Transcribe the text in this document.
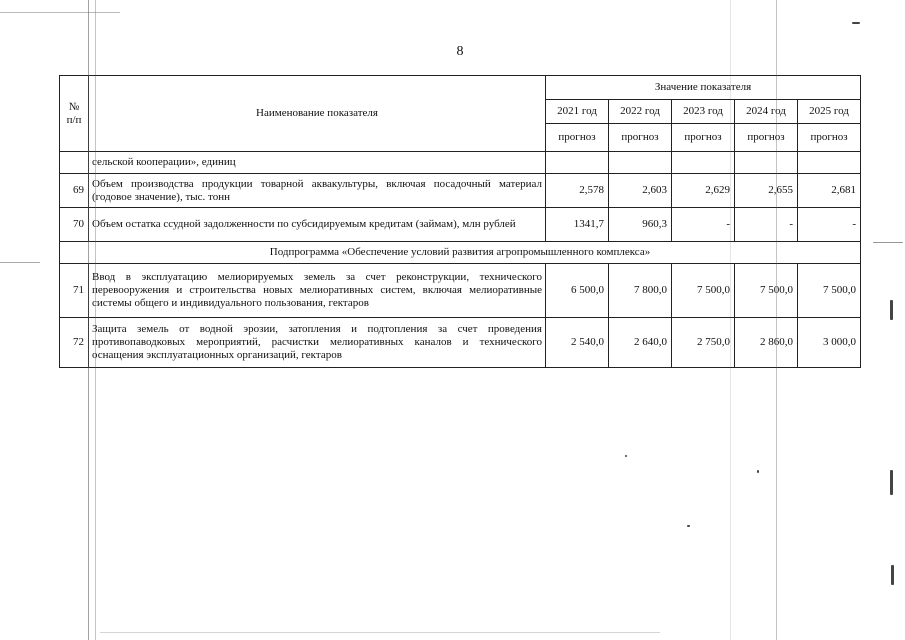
8
№ п/п	Наименование показателя	Значение показателя				
		2021 год	2022 год	2023 год	2024 год	2025 год
		прогноз	прогноз	прогноз	прогноз	прогноз
	сельской кооперации», единиц					
69	Объем производства продукции товарной аквакультуры, включая посадочный материал (годовое значение), тыс. тонн	2,578	2,603	2,629	2,655	2,681
70	Объем остатка ссудной задолженности по субсидируемым кредитам (займам), млн рублей	1341,7	960,3	-	-	-
Подпрограмма «Обеспечение условий развития агропромышленного комплекса»						
71	Ввод в эксплуатацию мелиорируемых земель за счет реконструкции, технического перевооружения и строительства новых мелиоративных систем, включая мелиоративные системы общего и индивидуального пользования, гектаров	6 500,0	7 800,0	7 500,0	7 500,0	7 500,0
72	Защита земель от водной эрозии, затопления и подтопления за счет проведения противопаводковых мероприятий, расчистки мелиоративных каналов и технического оснащения эксплуатационных организаций, гектаров	2 540,0	2 640,0	2 750,0	2 860,0	3 000,0
